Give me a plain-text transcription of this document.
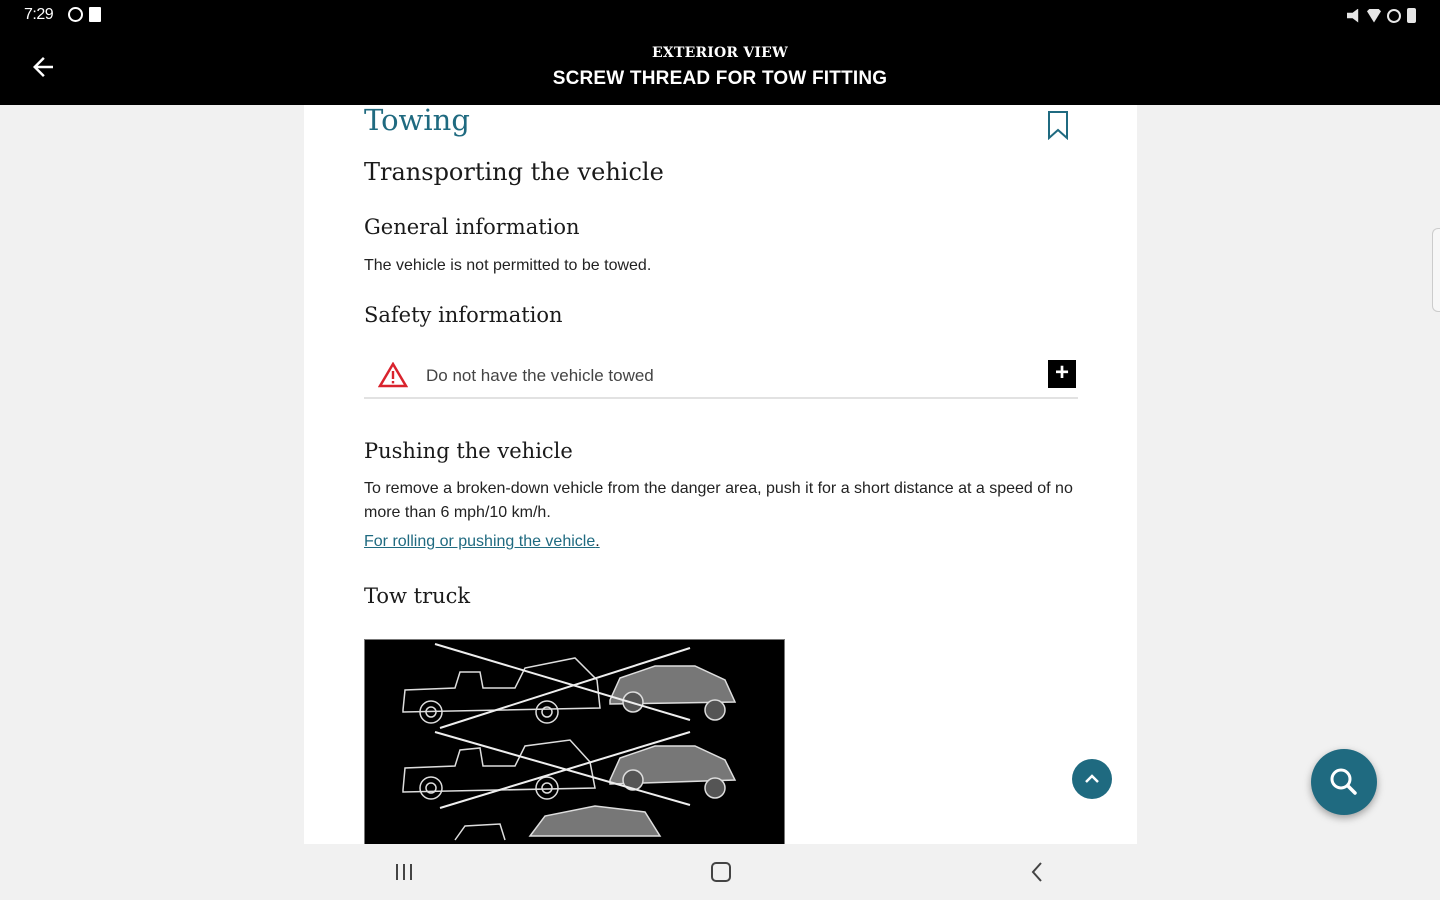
7:29
EXTERIOR VIEW
SCREW THREAD FOR TOW FITTING
Towing
Transporting the vehicle
General information
The vehicle is not permitted to be towed.
Safety information
Do not have the vehicle towed	+
Pushing the vehicle
To remove a broken-down vehicle from the danger area, push it for a short distance at a speed of no more than 6 mph/10 km/h.
For rolling or pushing the vehicle.
Tow truck
